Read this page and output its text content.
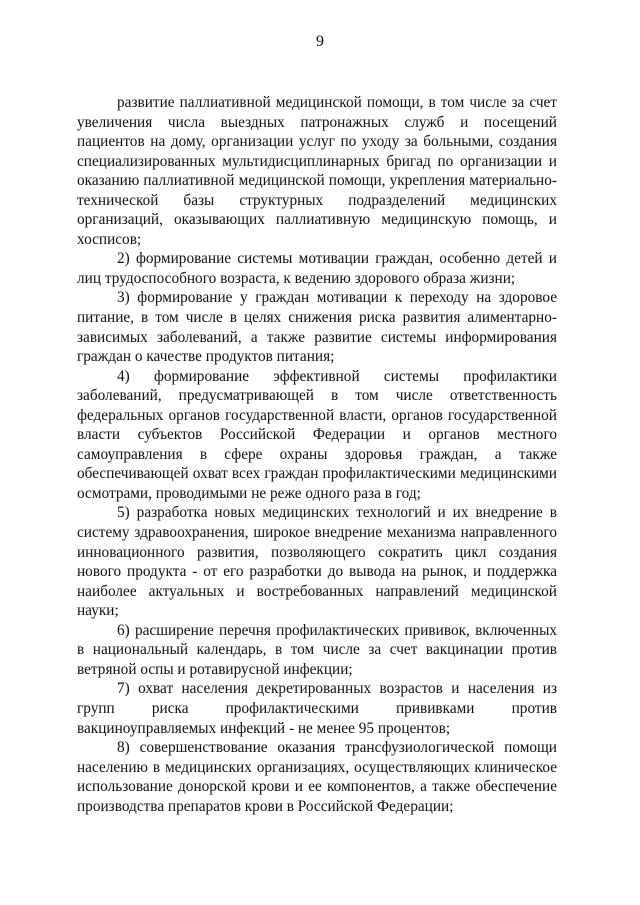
9

развитие паллиативной медицинской помощи, в том числе за счет увеличения числа выездных патронажных служб и посещений пациентов на дому, организации услуг по уходу за больными, создания специализированных мультидисциплинарных бригад по организации и оказанию паллиативной медицинской помощи, укрепления материально-технической базы структурных подразделений медицинских организаций, оказывающих паллиативную медицинскую помощь, и хосписов;

2) формирование системы мотивации граждан, особенно детей и лиц трудоспособного возраста, к ведению здорового образа жизни;

3) формирование у граждан мотивации к переходу на здоровое питание, в том числе в целях снижения риска развития алиментарно-зависимых заболеваний, а также развитие системы информирования граждан о качестве продуктов питания;

4) формирование эффективной системы профилактики заболеваний, предусматривающей в том числе ответственность федеральных органов государственной власти, органов государственной власти субъектов Российской Федерации и органов местного самоуправления в сфере охраны здоровья граждан, а также обеспечивающей охват всех граждан профилактическими медицинскими осмотрами, проводимыми не реже одного раза в год;

5) разработка новых медицинских технологий и их внедрение в систему здравоохранения, широкое внедрение механизма направленного инновационного развития, позволяющего сократить цикл создания нового продукта - от его разработки до вывода на рынок, и поддержка наиболее актуальных и востребованных направлений медицинской науки;

6) расширение перечня профилактических прививок, включенных в национальный календарь, в том числе за счет вакцинации против ветряной оспы и ротавирусной инфекции;

7) охват населения декретированных возрастов и населения из групп риска профилактическими прививками против вакциноуправляемых инфекций - не менее 95 процентов;

8) совершенствование оказания трансфузиологической помощи населению в медицинских организациях, осуществляющих клиническое использование донорской крови и ее компонентов, а также обеспечение производства препаратов крови в Российской Федерации;
